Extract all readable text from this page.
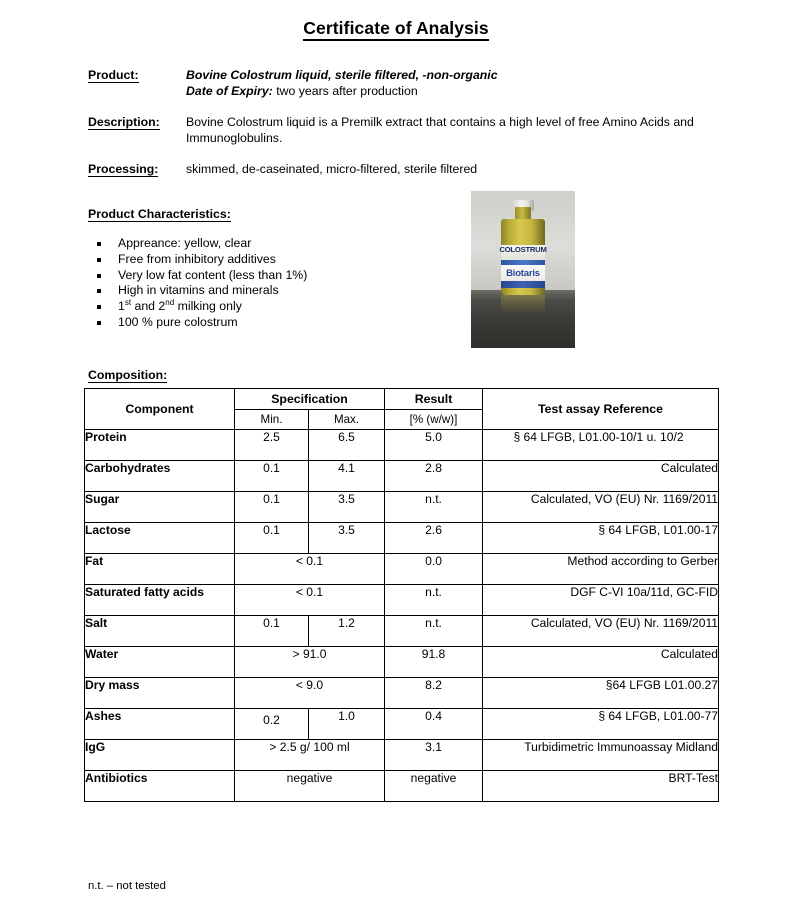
Certificate of Analysis
Product:	Bovine Colostrum liquid, sterile filtered, -non-organic
Date of Expiry: two years after production
Description: Bovine Colostrum liquid is a Premilk extract that contains a high level of free Amino Acids and Immunoglobulins.
Processing: skimmed, de-caseinated, micro-filtered, sterile filtered
Product Characteristics:
Appreance: yellow, clear
Free from inhibitory additives
Very low fat content (less than 1%)
High in vitamins and minerals
1st and 2nd milking only
100 % pure colostrum
COLOSTRUM
Biotaris
Composition:
Component	Specification		Result	Test assay Reference
	Min.	Max.	[% (w/w)]	
Protein	2.5	6.5	5.0	§ 64 LFGB, L01.00-10/1 u. 10/2
Carbohydrates	0.1	4.1	2.8	Calculated
Sugar	0.1	3.5	n.t.	Calculated, VO (EU) Nr. 1169/2011
Lactose	0.1	3.5	2.6	§ 64 LFGB, L01.00-17
Fat	< 0.1		0.0	Method according to Gerber
Saturated fatty acids	< 0.1		n.t.	DGF C-VI 10a/11d, GC-FID
Salt	0.1	1.2	n.t.	Calculated, VO (EU) Nr. 1169/2011
Water	> 91.0		91.8	Calculated
Dry mass	< 9.0		8.2	§64 LFGB L01.00.27
Ashes	0.2	1.0	0.4	§ 64 LFGB, L01.00-77
IgG	> 2.5 g/ 100 ml		3.1	Turbidimetric Immunoassay Midland
Antibiotics	negative		negative	BRT-Test
n.t. – not tested
